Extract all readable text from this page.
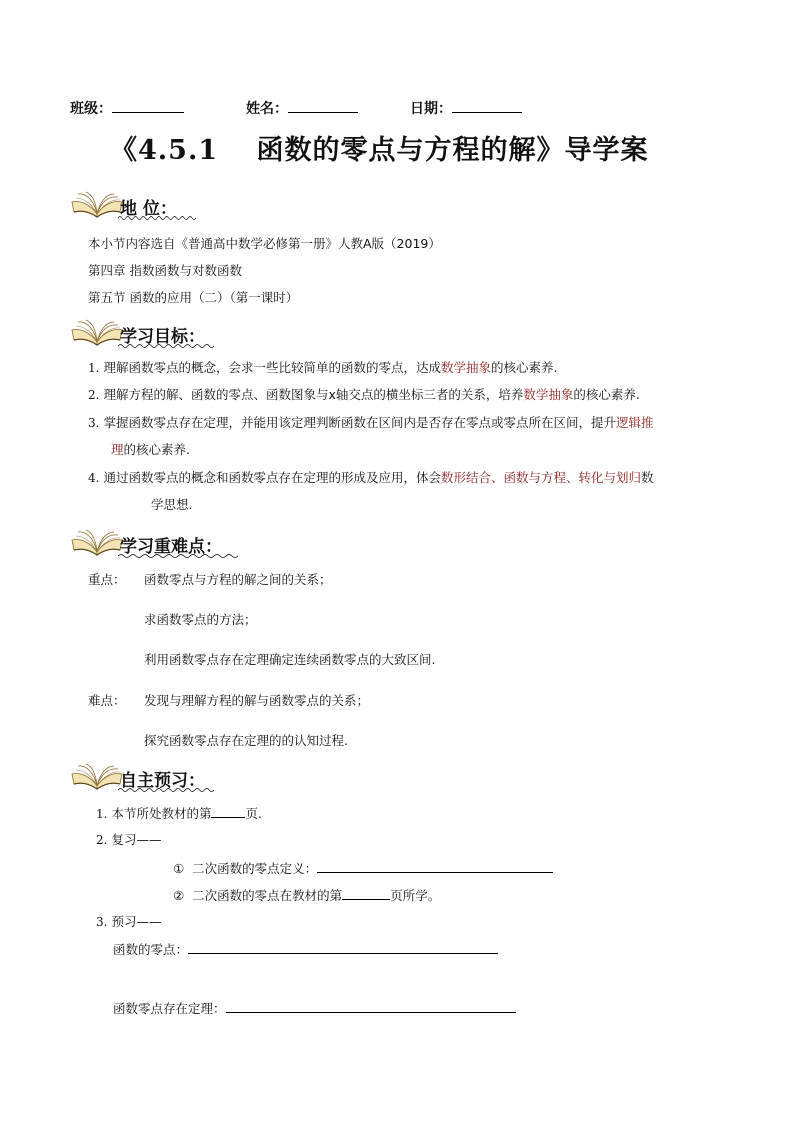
班级：	姓名：	日期：
《4.5.1　 函数的零点与方程的解》导学案
地 位：
本小节内容选自《普通高中数学必修第一册》人教A版（2019）
第四章 指数函数与对数函数
第五节 函数的应用（二）（第一课时）
学习目标：
1. 理解函数零点的概念，会求一些比较简单的函数的零点，达成数学抽象的核心素养.
2. 理解方程的解、函数的零点、函数图象与x轴交点的横坐标三者的关系，培养数学抽象的核心素养.
3. 掌握函数零点存在定理，并能用该定理判断函数在区间内是否存在零点或零点所在区间，提升逻辑推
理的核心素养.
4. 通过函数零点的概念和函数零点存在定理的形成及应用，体会数形结合、函数与方程、转化与划归数
学思想.
学习重难点：
重点： 函数零点与方程的解之间的关系；
求函数零点的方法；
利用函数零点存在定理确定连续函数零点的大致区间.
难点： 发现与理解方程的解与函数零点的关系；
探究函数零点存在定理的的认知过程.
自主预习：
1. 本节所处教材的第	页.
2. 复习——
① 二次函数的零点定义：
② 二次函数的零点在教材的第	页所学。
3. 预习——
函数的零点：
函数零点存在定理：
